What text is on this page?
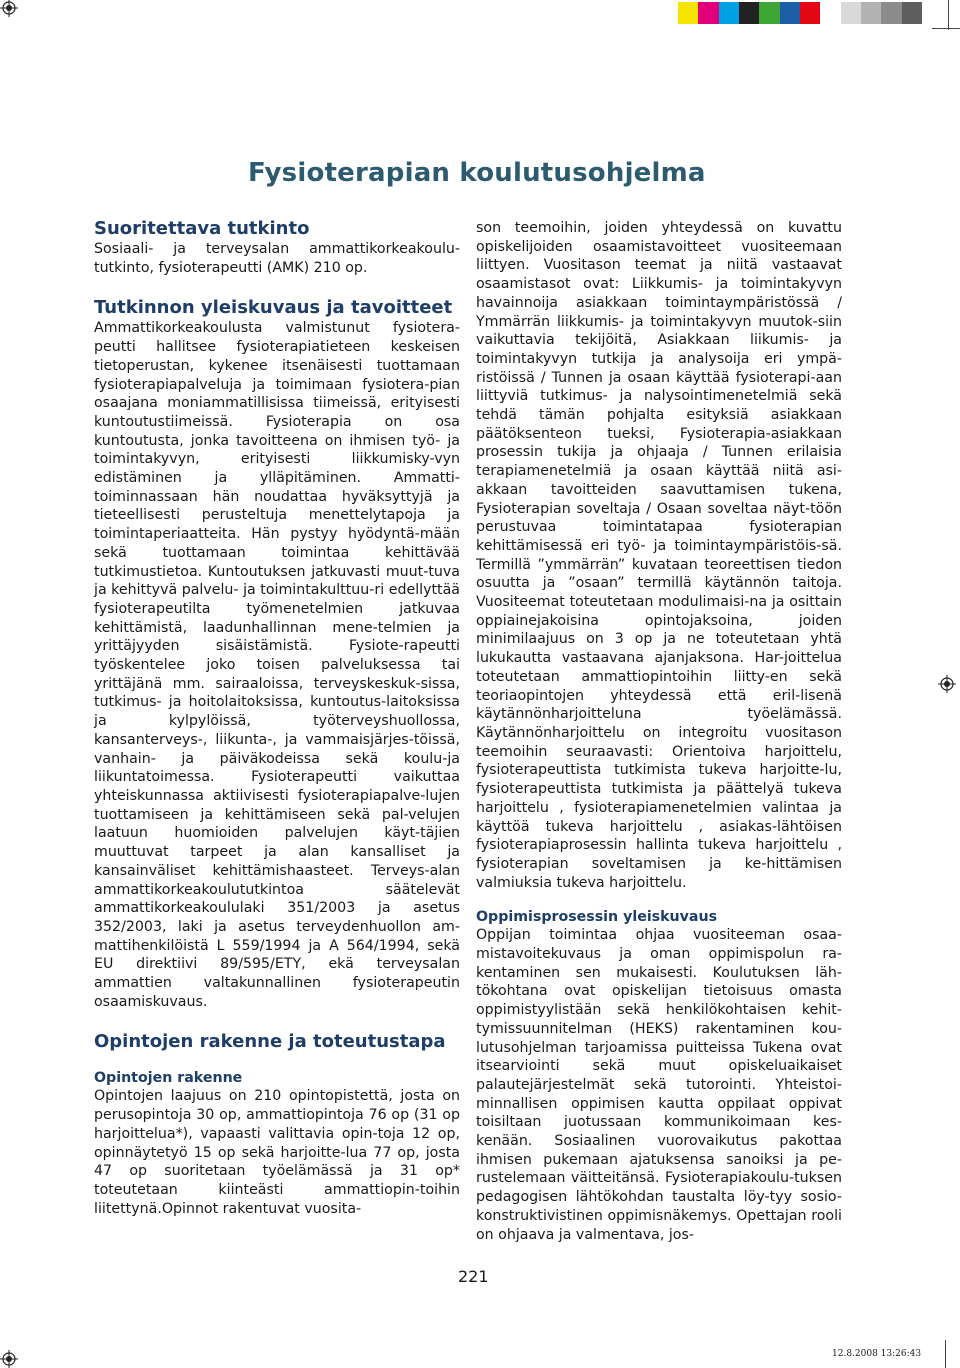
Fysioterapian koulutusohjelma
Suoritettava tutkinto

Sosiaali- ja terveysalan ammattikorkeakoulu-tutkinto, fysioterapeutti (AMK) 210 op.

Tutkinnon yleiskuvaus ja tavoitteet

Ammattikorkeakoulusta valmistunut fysiotera-peutti hallitsee fysioterapiatieteen keskeisen tietoperustan, kykenee itsenäisesti tuottamaan fysioterapiapalveluja ja toimimaan fysiotera-pian osaajana moniammatillisissa tiimeissä, erityisesti kuntoutustiimeissä. Fysioterapia on osa kuntoutusta, jonka tavoitteena on ihmisen työ- ja toimintakyvyn, erityisesti liikkumisky-vyn edistäminen ja ylläpitäminen. Ammatti-toiminnassaan hän noudattaa hyväksyttyjä ja tieteellisesti perusteltuja menettelytapoja ja toimintaperiaatteita. Hän pystyy hyödyntä-mään sekä tuottamaan toimintaa kehittävää tutkimustietoa. Kuntoutuksen jatkuvasti muut-tuva ja kehittyvä palvelu- ja toimintakulttuu-ri edellyttää fysioterapeutilta työmenetelmien jatkuvaa kehittämistä, laadunhallinnan mene-telmien ja yrittäjyyden sisäistämistä. Fysiote-rapeutti työskentelee joko toisen palveluksessa tai yrittäjänä mm. sairaaloissa, terveyskeskuk-sissa, tutkimus- ja hoitolaitoksissa, kuntoutus-laitoksissa ja kylpylöissä, työterveyshuollossa, kansanterveys-, liikunta-, ja vammaisjärjes-töissä, vanhain- ja päiväkodeissa sekä koulu-ja liikuntatoimessa. Fysioterapeutti vaikuttaa yhteiskunnassa aktiivisesti fysioterapiapalve-lujen tuottamiseen ja kehittämiseen sekä pal-velujen laatuun huomioiden palvelujen käyt-täjien muuttuvat tarpeet ja alan kansalliset ja kansainväliset kehittämishaasteet. Terveys-alan ammattikorkeakoulututkintoa säätelevät ammattikorkeakoululaki 351/2003 ja asetus 352/2003, laki ja asetus terveydenhuollon am-mattihenkilöistä L 559/1994 ja A 564/1994, sekä EU direktiivi 89/595/ETY, ekä terveysalan ammattien valtakunnallinen fysioterapeutin osaamiskuvaus.

Opintojen rakenne ja toteutustapa
Opintojen rakenne

Opintojen laajuus on 210 opintopistettä, josta on perusopintoja 30 op, ammattiopintoja 76 op (31 op harjoittelua*), vapaasti valittavia opin-toja 12 op, opinnäytetyö 15 op sekä harjoitte-lua 77 op, josta 47 op suoritetaan työelämässä ja 31 op* toteutetaan kiinteästi ammattiopin-toihin liitettynä.Opinnot rakentuvat vuosita-

son teemoihin, joiden yhteydessä on kuvattu opiskelijoiden osaamistavoitteet vuositeemaan liittyen. Vuositason teemat ja niitä vastaavat osaamistasot ovat: Liikkumis- ja toimintakyvyn havainnoija asiakkaan toimintaympäristössä / Ymmärrän liikkumis- ja toimintakyvyn muutok-siin vaikuttavia tekijöitä, Asiakkaan liikumis- ja toimintakyvyn tutkija ja analysoija eri ympä-ristöissä / Tunnen ja osaan käyttää fysioterapi-aan liittyviä tutkimus- ja nalysointimenetelmiä sekä tehdä tämän pohjalta esityksiä asiakkaan päätöksenteon tueksi, Fysioterapia-asiakkaan prosessin tukija ja ohjaaja / Tunnen erilaisia terapiamenetelmiä ja osaan käyttää niitä asi-akkaan tavoitteiden saavuttamisen tukena, Fysioterapian soveltaja / Osaan soveltaa näyt-töön perustuvaa toimintatapaa fysioterapian kehittämisessä eri työ- ja toimintaympäristöis-sä. Termillä ”ymmärrän” kuvataan teoreettisen tiedon osuutta ja ”osaan” termillä käytännön taitoja. Vuositeemat toteutetaan modulimaisi-na ja osittain oppiainejakoisina opintojaksoina, joiden minimilaajuus on 3 op ja ne toteutetaan yhtä lukukautta vastaavana ajanjaksona. Har-joittelua toteutetaan ammattiopintoihin liitty-en sekä teoriaopintojen yhteydessä että eril-lisenä käytännönharjoitteluna työelämässä. Käytännönharjoittelu on integroitu vuositason teemoihin seuraavasti: Orientoiva harjoittelu, fysioterapeuttista tutkimista tukeva harjoitte-lu, fysioterapeuttista tutkimista ja päättelyä tukeva harjoittelu , fysioterapiamenetelmien valintaa ja käyttöä tukeva harjoittelu , asiakas-lähtöisen fysioterapiaprosessin hallinta tukeva harjoittelu , fysioterapian soveltamisen ja ke-hittämisen valmiuksia tukeva harjoittelu.

Oppimisprosessin yleiskuvaus

Oppijan toimintaa ohjaa vuositeeman osaa-mistavoitekuvaus ja oman oppimispolun ra-kentaminen sen mukaisesti. Koulutuksen läh-tökohtana ovat opiskelijan tietoisuus omasta oppimistyylistään sekä henkilökohtaisen kehit-tymissuunnitelman (HEKS) rakentaminen kou-lutusohjelman tarjoamissa puitteissa Tukena ovat itsearviointi sekä muut opiskeluaikaiset palautejärjestelmät sekä tutorointi. Yhteistoi-minnallisen oppimisen kautta oppilaat oppivat toisiltaan juotussaan kommunikoimaan kes-kenään. Sosiaalinen vuorovaikutus pakottaa ihmisen pukemaan ajatuksensa sanoiksi ja pe-rustelemaan väitteitänsä. Fysioterapiakoulu-tuksen pedagogisen lähtökohdan taustalta löy-tyy sosio-konstruktivistinen oppimisnäkemys. Opettajan rooli on ohjaava ja valmentava, jos-

221
12.8.2008 13:26:43
